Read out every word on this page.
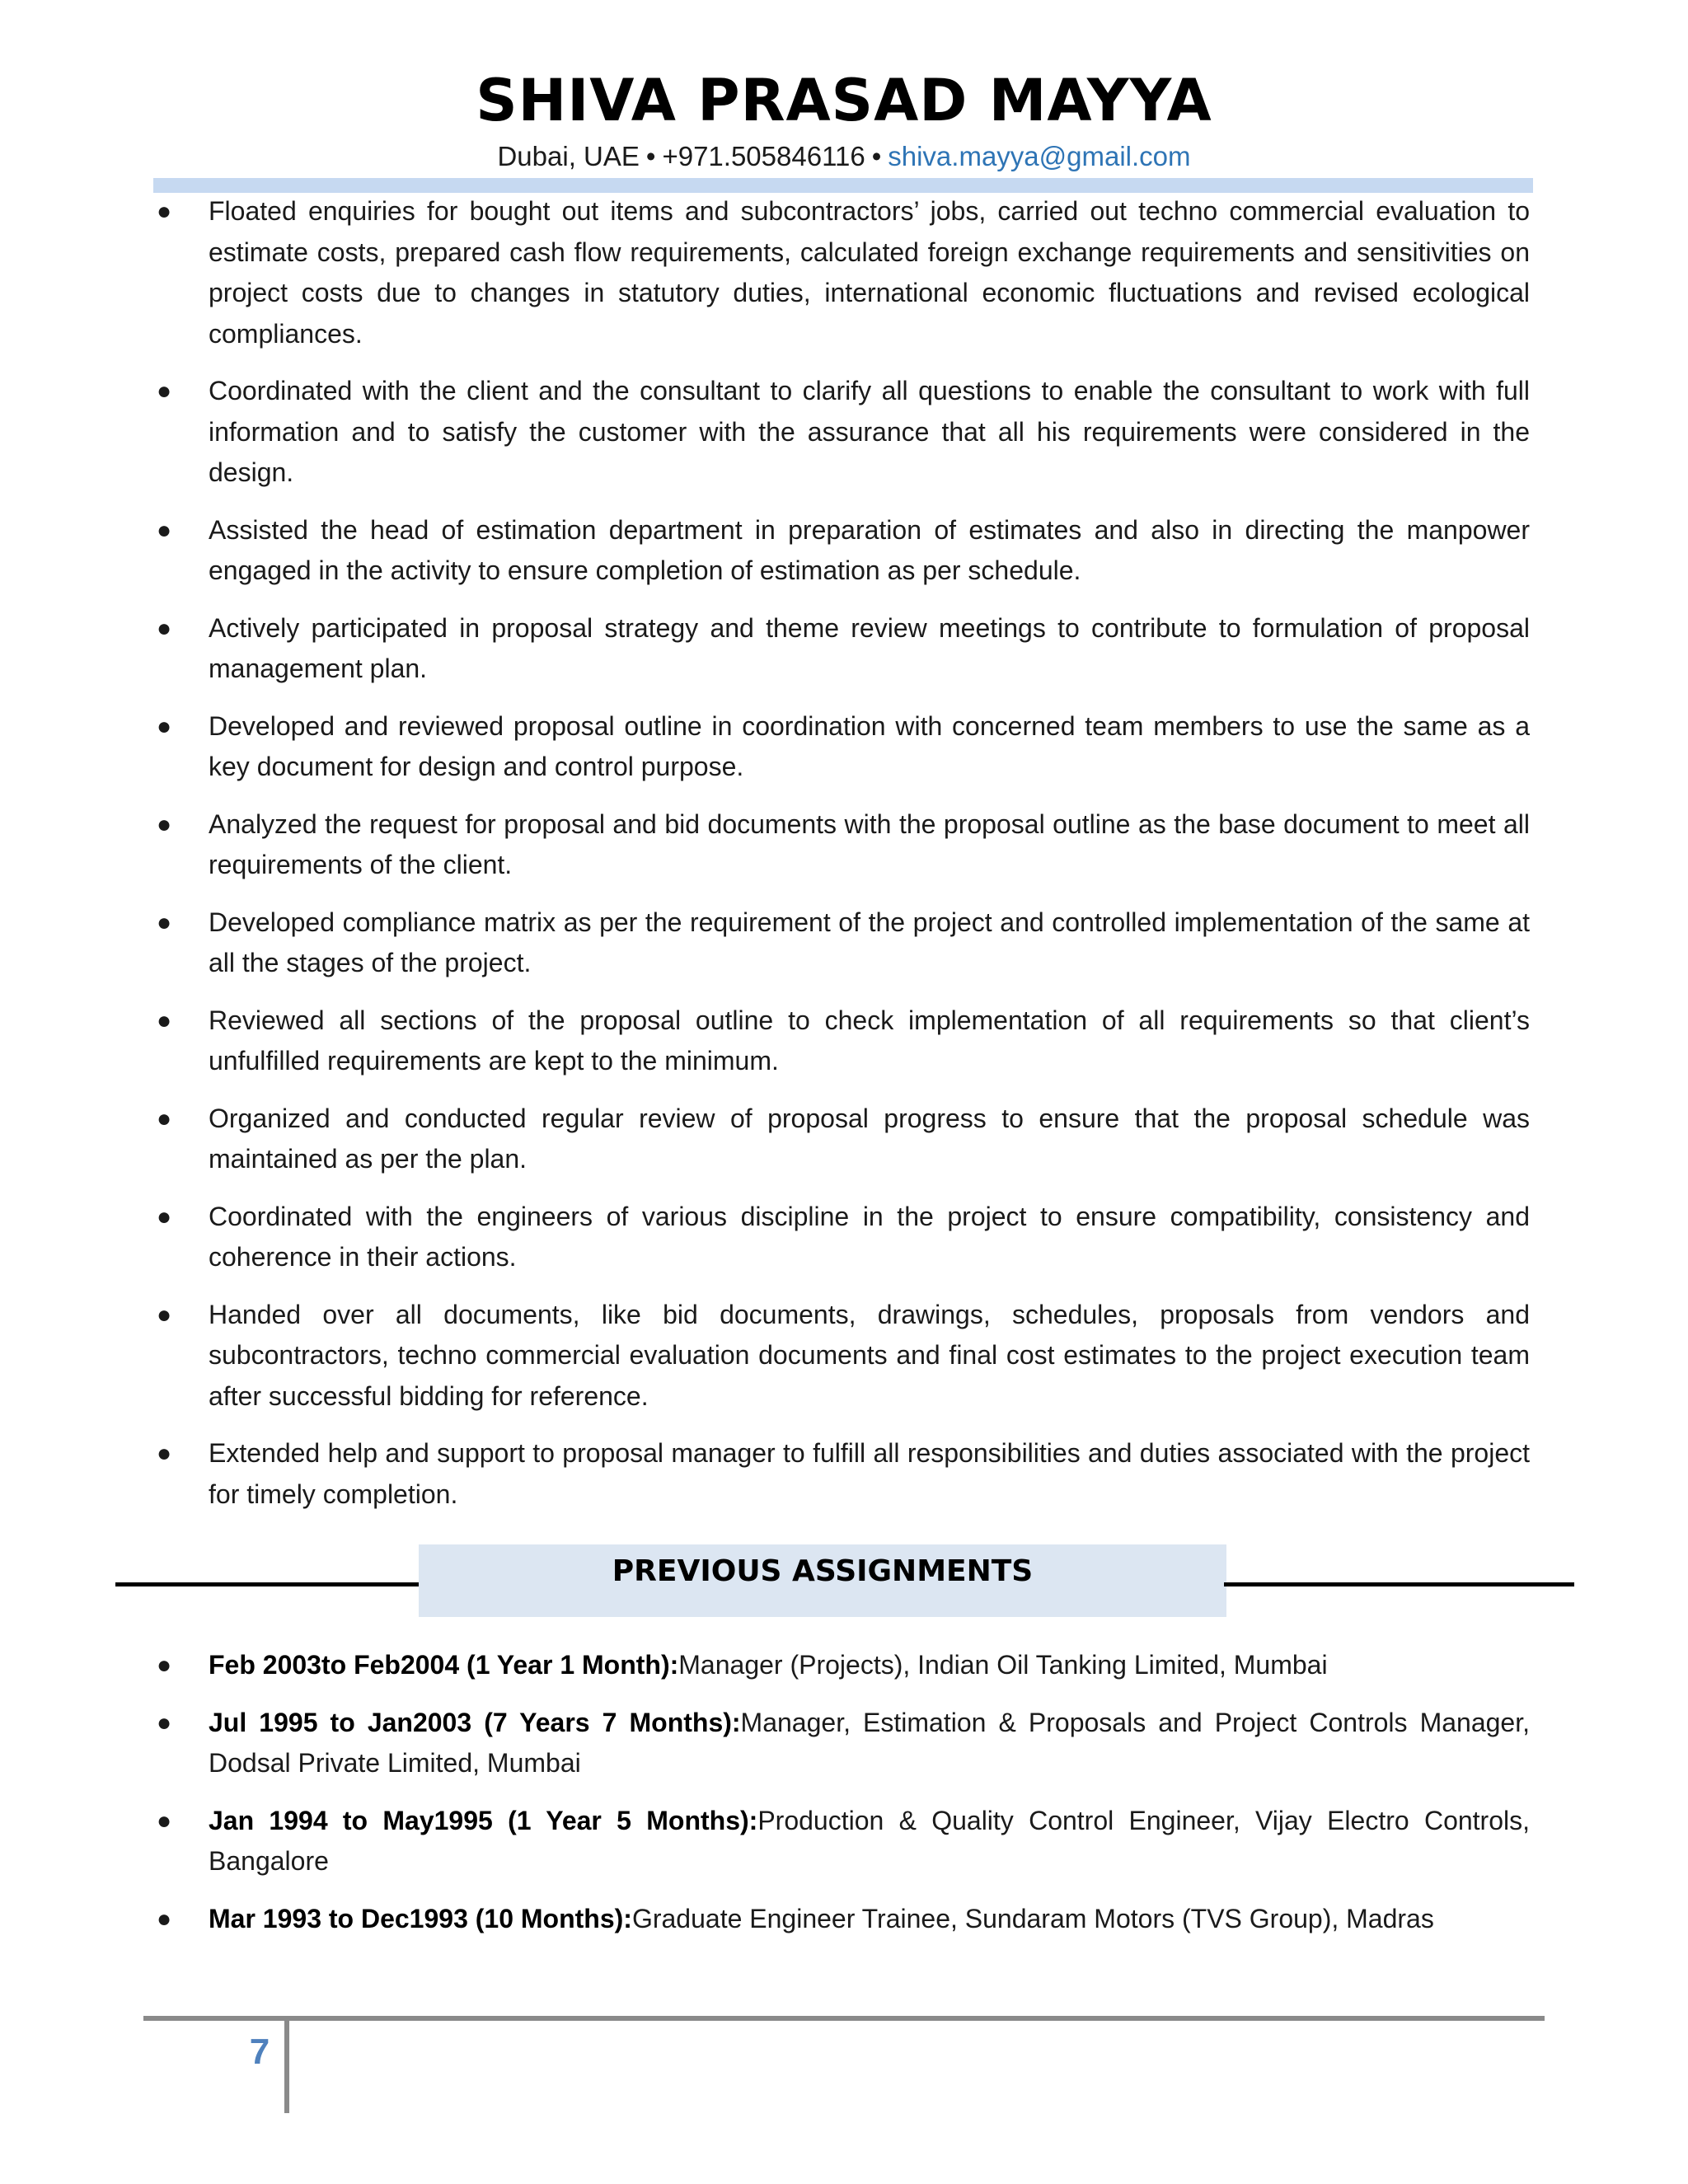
SHIVA PRASAD MAYYA
Dubai, UAE • +971.505846116 • shiva.mayya@gmail.com
● Floated enquiries for bought out items and subcontractors’ jobs, carried out techno commercial evaluation to estimate costs, prepared cash flow requirements, calculated foreign exchange requirements and sensitivities on project costs due to changes in statutory duties, international economic fluctuations and revised ecological compliances.
● Coordinated with the client and the consultant to clarify all questions to enable the consultant to work with full information and to satisfy the customer with the assurance that all his requirements were considered in the design.
● Assisted the head of estimation department in preparation of estimates and also in directing the manpower engaged in the activity to ensure completion of estimation as per schedule.
● Actively participated in proposal strategy and theme review meetings to contribute to formulation of proposal management plan.
● Developed and reviewed proposal outline in coordination with concerned team members to use the same as a key document for design and control purpose.
● Analyzed the request for proposal and bid documents with the proposal outline as the base document to meet all requirements of the client.
● Developed compliance matrix as per the requirement of the project and controlled implementation of the same at all the stages of the project.
● Reviewed all sections of the proposal outline to check implementation of all requirements so that client’s unfulfilled requirements are kept to the minimum.
● Organized and conducted regular review of proposal progress to ensure that the proposal schedule was maintained as per the plan.
● Coordinated with the engineers of various discipline in the project to ensure compatibility, consistency and coherence in their actions.
● Handed over all documents, like bid documents, drawings, schedules, proposals from vendors and subcontractors, techno commercial evaluation documents and final cost estimates to the project execution team after successful bidding for reference.
● Extended help and support to proposal manager to fulfill all responsibilities and duties associated with the project for timely completion.
PREVIOUS ASSIGNMENTS
● Feb 2003to Feb2004 (1 Year 1 Month):Manager (Projects), Indian Oil Tanking Limited, Mumbai
● Jul 1995 to Jan2003 (7 Years 7 Months):Manager, Estimation & Proposals and Project Controls Manager, Dodsal Private Limited, Mumbai
● Jan 1994 to May1995 (1 Year 5 Months):Production & Quality Control Engineer, Vijay Electro Controls, Bangalore
● Mar 1993 to Dec1993 (10 Months):Graduate Engineer Trainee, Sundaram Motors (TVS Group), Madras
7
